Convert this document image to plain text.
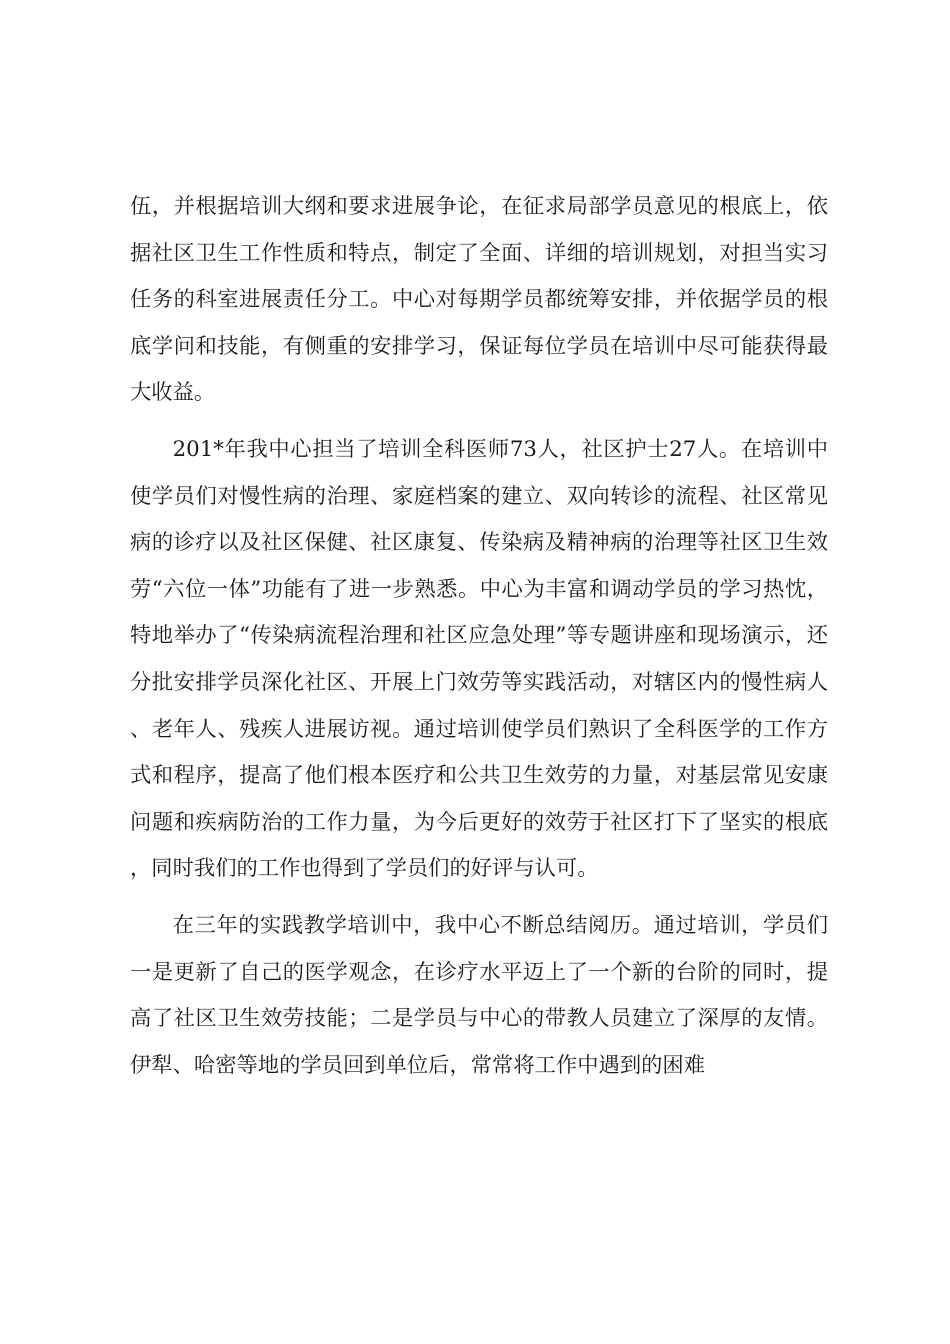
伍，并根据培训大纲和要求进展争论，在征求局部学员意见的根底上，依据社区卫生工作性质和特点，制定了全面、详细的培训规划，对担当实习任务的科室进展责任分工。中心对每期学员都统筹安排，并依据学员的根底学问和技能，有侧重的安排学习，保证每位学员在培训中尽可能获得最大收益。

201*年我中心担当了培训全科医师73人，社区护士27人。在培训中使学员们对慢性病的治理、家庭档案的建立、双向转诊的流程、社区常见病的诊疗以及社区保健、社区康复、传染病及精神病的治理等社区卫生效劳“六位一体”功能有了进一步熟悉。中心为丰富和调动学员的学习热忱，特地举办了“传染病流程治理和社区应急处理”等专题讲座和现场演示，还分批安排学员深化社区、开展上门效劳等实践活动，对辖区内的慢性病人、老年人、残疾人进展访视。通过培训使学员们熟识了全科医学的工作方式和程序，提高了他们根本医疗和公共卫生效劳的力量，对基层常见安康问题和疾病防治的工作力量，为今后更好的效劳于社区打下了坚实的根底，同时我们的工作也得到了学员们的好评与认可。

在三年的实践教学培训中，我中心不断总结阅历。通过培训，学员们一是更新了自己的医学观念，在诊疗水平迈上了一个新的台阶的同时，提高了社区卫生效劳技能；二是学员与中心的带教人员建立了深厚的友情。伊犁、哈密等地的学员回到单位后，常常将工作中遇到的困难
